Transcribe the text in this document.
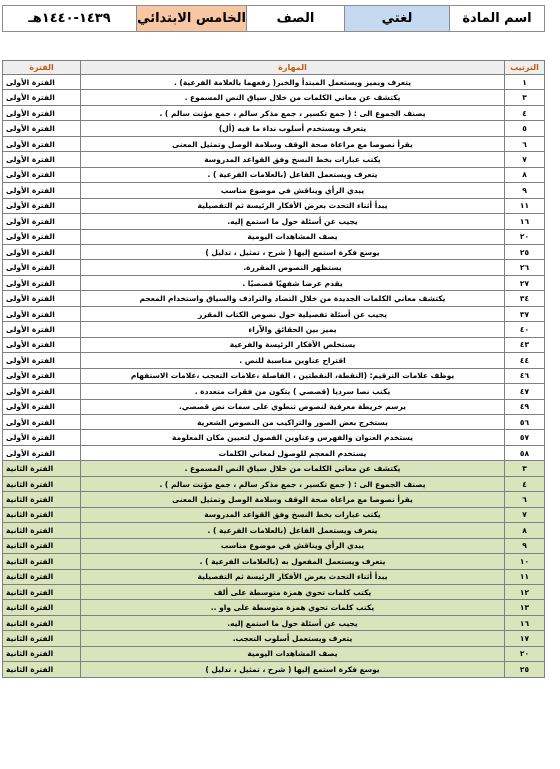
اسم المادة	لغتي	الصف	الخامس الابتدائي	١٤٣٩-١٤٤٠هـ
الترتيب	المهارة	الفترة
١	يتعرف ويميز ويستعمل المبتدأ والخبر( رفعهما بالعلامة الفرعية) .	الفترة الأولى
٣	يكتشف عن معاني الكلمات من خلال سياق النص المسموع .	الفترة الأولى
٤	يصنف الجموع الى : ( جمع تكسير ، جمع مذكر سالم ، جمع مؤنث سالم ) .	الفترة الأولى
٥	يتعرف ويستخدم أسلوب نداء ما فيه (أل)	الفترة الأولى
٦	يقرأ نصوصا مع مراعاة صحة الوقف وسلامة الوصل وتمثيل المعنى	الفترة الأولى
٧	يكتب عبارات بخط النسخ وفق القواعد المدروسة	الفترة الأولى
٨	يتعرف ويستعمل الفاعل (بالعلامات الفرعية ) .	الفترة الأولى
٩	يبدي الرأي ويناقش في موضوع مناسب	الفترة الأولى
١١	يبدأ أثناء التحدث بعرض الأفكار الرئيسة ثم التفصيلية	الفترة الأولى
١٦	يجيب عن أسئلة حول ما استمع إليه.	الفترة الأولى
٢٠	يصف المشاهدات اليومية	الفترة الأولى
٢٥	يوسع فكرة استمع إليها ( شرح ، تمثيل ، تدليل )	الفترة الأولى
٢٦	يستظهر النصوص المقررة.	الفترة الأولى
٢٧	يقدم عرضا شفهيًا قصصيًا .	الفترة الأولى
٣٤	يكتشف معاني الكلمات الجديدة من خلال التضاد والترادف والسياق واستخدام المعجم	الفترة الأولى
٣٧	يجيب عن أسئلة تفصيلية حول نصوص الكتاب المقرر	الفترة الأولى
٤٠	يميز بين الحقائق والآراء	الفترة الأولى
٤٣	يستخلص الأفكار الرئيسة والفرعية	الفترة الأولى
٤٤	اقتراح عناوين مناسبة للنص .	الفترة الأولى
٤٦	يوظف علامات الترقيم: (النقطة، النقطتين ، الفاصلة ،علامات التعجب ،علامات الاستفهام	الفترة الأولى
٤٧	يكتب نصا سرديا (قصصي ) يتكون من فقرات متعددة .	الفترة الأولى
٤٩	يرسم خريطة معرفية لنصوص تنطوي على سمات نص قصصي.	الفترة الأولى
٥٦	يستخرج بعض الصور والتراكيب من النصوص الشعرية	الفترة الأولى
٥٧	يستخدم العنوان والفهرس وعناوين الفصول لتعيين مكان المعلومة	الفترة الأولى
٥٨	يستخدم المعجم للوصول لمعاني الكلمات	الفترة الأولى
٣	يكتشف عن معاني الكلمات من خلال سياق النص المسموع .	الفترة الثانية
٤	يصنف الجموع الى : ( جمع تكسير ، جمع مذكر سالم ، جمع مؤنث سالم ) .	الفترة الثانية
٦	يقرأ نصوصا مع مراعاة صحة الوقف وسلامة الوصل وتمثيل المعنى	الفترة الثانية
٧	يكتب عبارات بخط النسخ وفق القواعد المدروسة	الفترة الثانية
٨	يتعرف ويستعمل الفاعل (بالعلامات الفرعية ) .	الفترة الثانية
٩	يبدي الرأي ويناقش في موضوع مناسب	الفترة الثانية
١٠	يتعرف ويستعمل المفعول به (بالعلامات الفرعية ) .	الفترة الثانية
١١	يبدأ أثناء التحدث بعرض الأفكار الرئيسة ثم التفصيلية	الفترة الثانية
١٢	يكتب كلمات تحوي همزة متوسطة على ألف	الفترة الثانية
١٣	يكتب كلمات تحوي همزة متوسطة على واو ..	الفترة الثانية
١٦	يجيب عن أسئلة حول ما استمع إليه.	الفترة الثانية
١٧	يتعرف ويستعمل أسلوب التعجب.	الفترة الثانية
٢٠	يصف المشاهدات اليومية	الفترة الثانية
٢٥	يوسع فكرة استمع إليها ( شرح ، تمثيل ، تدليل )	الفترة الثانية
